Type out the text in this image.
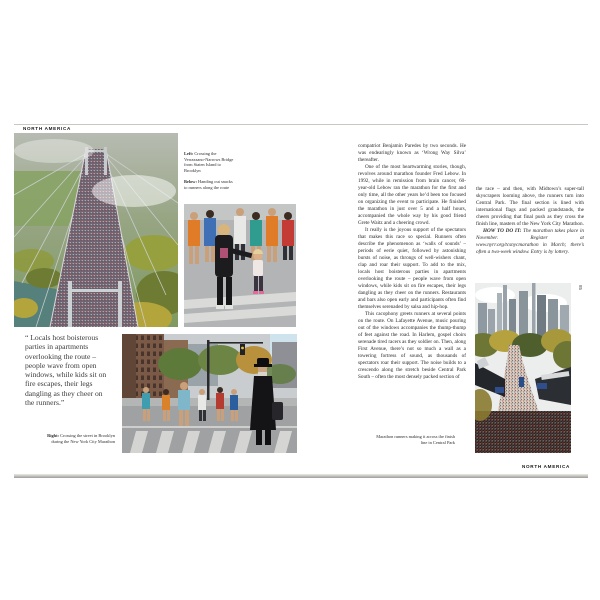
NORTH AMERICA

Left: Crossing the Verrazzano-Narrows Bridge from Staten Island to Brooklyn

Below: Handing out snacks to runners along the route

“ Locals host boisterous parties in apartments overlooking the route – people wave from open windows, while kids sit on fire escapes, their legs dangling as they cheer on the runners.”
Right: Crossing the street in Brooklyn during the New York City Marathon

compatriot Benjamín Paredes by two seconds. He was endearingly known as ‘Wrong Way Silva’ thereafter.

One of the most heartwarming stories, though, revolves around marathon founder Fred Lebow. In 1992, while in remission from brain cancer, 60-year-old Lebow ran the marathon for the first and only time, all the other years he’d been too focused on organizing the event to participate. He finished the marathon in just over 5 and a half hours, accompanied the whole way by his good friend Grete Waitz and a cheering crowd.

It really is the joyous support of the spectators that makes this race so special. Runners often describe the phenomenon as ‘walls of sounds’ – periods of eerie quiet, followed by astonishing bursts of noise, as throngs of well-wishers chant, clap and roar their support. To add to the mix, locals host boisterous parties in apartments overlooking the route – people wave from open windows, while kids sit on fire escapes, their legs dangling as they cheer on the runners. Restaurants and bars also open early and participants often find themselves serenaded by salsa and hip-hop.

This cacophony greets runners at several points on the route. On Lafayette Avenue, music pouring out of the windows accompanies the thump-thump of feet against the road. In Harlem, gospel choirs serenade tired racers as they soldier on. Then, along First Avenue, there’s not so much a wall as a towering fortress of sound, as thousands of spectators roar their support. The noise builds to a crescendo along the stretch beside Central Park South – often the most densely packed section of

the race – and then, with Midtown’s super-tall skyscrapers looming above, the runners turn into Central Park. The final section is lined with international flags and packed grandstands, the cheers providing that final push as they cross the finish line, masters of the New York City Marathon.

HOW TO DO IT: The marathon takes place in November. Register at www.nyrr.org/tcsnycmarathon in March; there’s often a two-week window. Entry is by lottery.

Marathon runners making it across the finish line in Central Park
NORTH AMERICA
85
